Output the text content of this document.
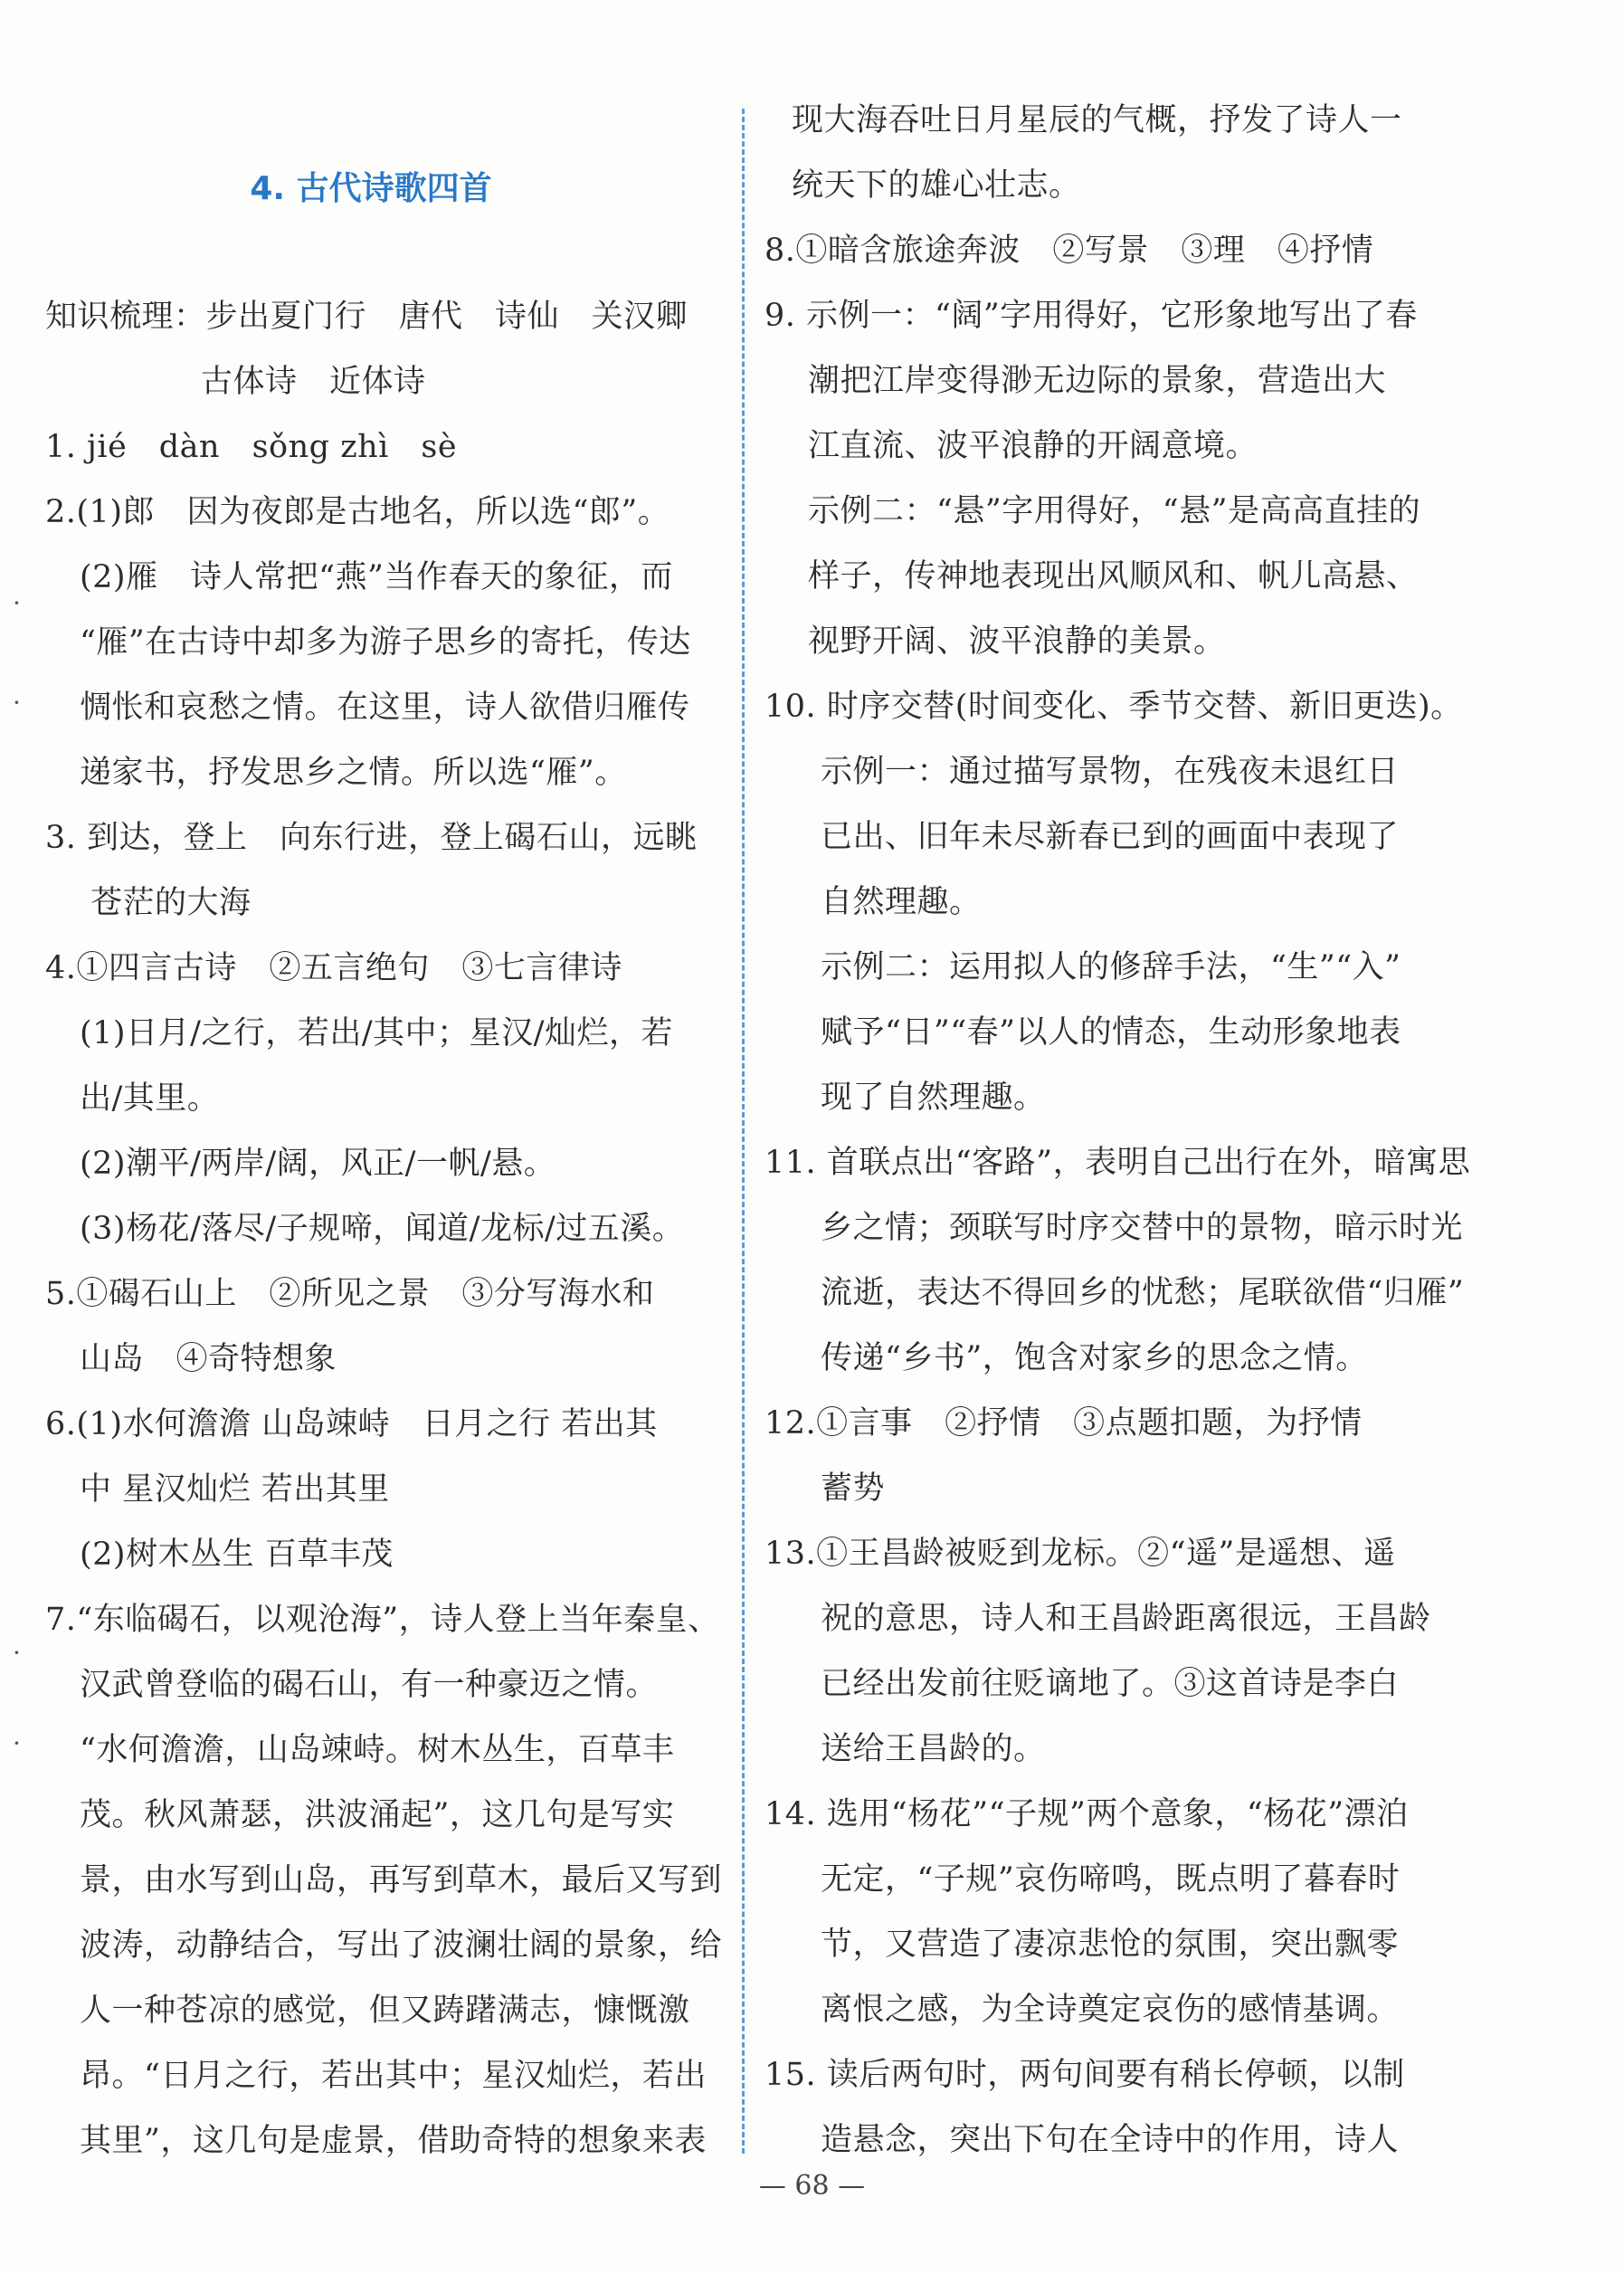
4. 古代诗歌四首
知识梳理：步出夏门行　唐代　诗仙　关汉卿
古体诗　近体诗
1. jié　dàn　sǒng zhì　sè
2.(1)郎　因为夜郎是古地名，所以选“郎”。
(2)雁　诗人常把“燕”当作春天的象征，而
“雁”在古诗中却多为游子思乡的寄托，传达
惆怅和哀愁之情。在这里，诗人欲借归雁传
递家书，抒发思乡之情。所以选“雁”。
3. 到达，登上　向东行进，登上碣石山，远眺
苍茫的大海
4.①四言古诗　②五言绝句　③七言律诗
(1)日月/之行，若出/其中；星汉/灿烂，若
出/其里。
(2)潮平/两岸/阔，风正/一帆/悬。
(3)杨花/落尽/子规啼，闻道/龙标/过五溪。
5.①碣石山上　②所见之景　③分写海水和
山岛　④奇特想象
6.(1)水何澹澹 山岛竦峙　日月之行 若出其
中 星汉灿烂 若出其里
(2)树木丛生 百草丰茂
7.“东临碣石，以观沧海”，诗人登上当年秦皇、
汉武曾登临的碣石山，有一种豪迈之情。
“水何澹澹，山岛竦峙。树木丛生，百草丰
茂。秋风萧瑟，洪波涌起”，这几句是写实
景，由水写到山岛，再写到草木，最后又写到
波涛，动静结合，写出了波澜壮阔的景象，给
人一种苍凉的感觉，但又踌躇满志，慷慨激
昂。“日月之行，若出其中；星汉灿烂，若出
其里”，这几句是虚景，借助奇特的想象来表
现大海吞吐日月星辰的气概，抒发了诗人一
统天下的雄心壮志。
8.①暗含旅途奔波　②写景　③理　④抒情
9. 示例一：“阔”字用得好，它形象地写出了春
潮把江岸变得渺无边际的景象，营造出大
江直流、波平浪静的开阔意境。
示例二：“悬”字用得好，“悬”是高高直挂的
样子，传神地表现出风顺风和、帆儿高悬、
视野开阔、波平浪静的美景。
10. 时序交替(时间变化、季节交替、新旧更迭)。
示例一：通过描写景物，在残夜未退红日
已出、旧年未尽新春已到的画面中表现了
自然理趣。
示例二：运用拟人的修辞手法，“生”“入”
赋予“日”“春”以人的情态，生动形象地表
现了自然理趣。
11. 首联点出“客路”，表明自己出行在外，暗寓思
乡之情；颈联写时序交替中的景物，暗示时光
流逝，表达不得回乡的忧愁；尾联欲借“归雁”
传递“乡书”，饱含对家乡的思念之情。
12.①言事　②抒情　③点题扣题，为抒情
蓄势
13.①王昌龄被贬到龙标。②“遥”是遥想、遥
祝的意思，诗人和王昌龄距离很远，王昌龄
已经出发前往贬谪地了。③这首诗是李白
送给王昌龄的。
14. 选用“杨花”“子规”两个意象，“杨花”漂泊
无定，“子规”哀伤啼鸣，既点明了暮春时
节，又营造了凄凉悲怆的氛围，突出飘零
离恨之感，为全诗奠定哀伤的感情基调。
15. 读后两句时，两句间要有稍长停顿，以制
造悬念，突出下句在全诗中的作用，诗人
— 68 —
·
·
·
·
